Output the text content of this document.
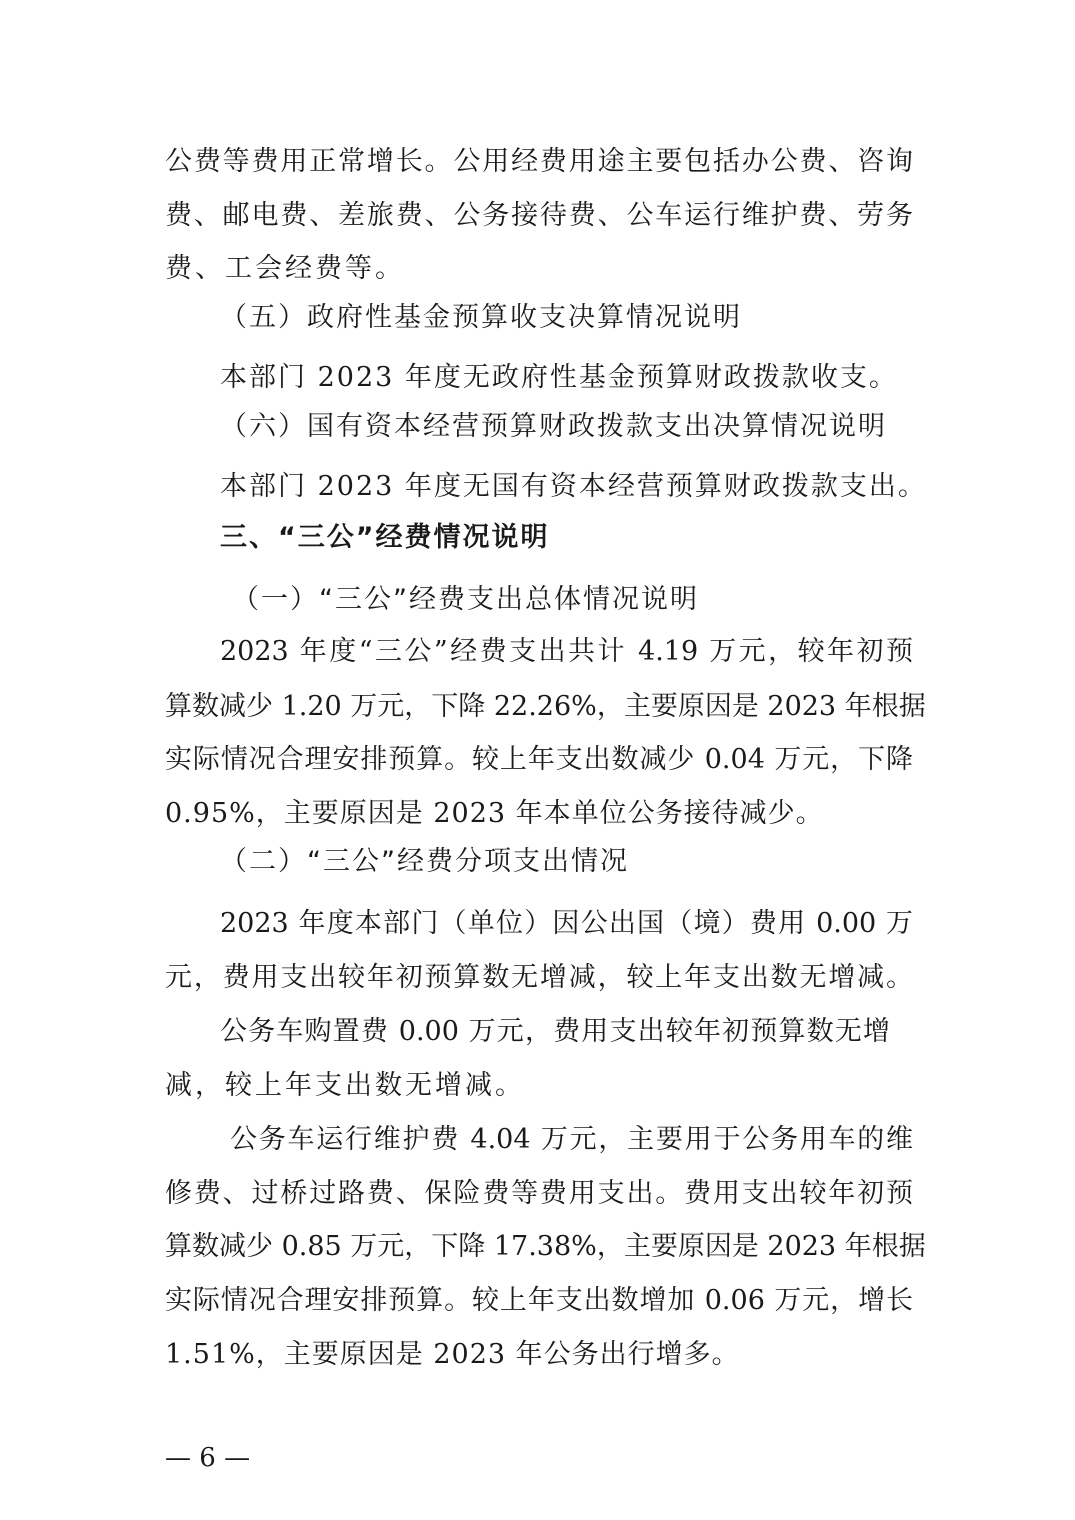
公费等费用正常增长。公用经费用途主要包括办公费、咨询
费、邮电费、差旅费、公务接待费、公车运行维护费、劳务
费、工会经费等。
（五）政府性基金预算收支决算情况说明
本部门 2023 年度无政府性基金预算财政拨款收支。
（六）国有资本经营预算财政拨款支出决算情况说明
本部门 2023 年度无国有资本经营预算财政拨款支出。
三、“三公”经费情况说明
（一）“三公”经费支出总体情况说明
2023 年度“三公”经费支出共计 4.19 万元，较年初预
算数减少 1.20 万元，下降 22.26%，主要原因是 2023 年根据
实际情况合理安排预算。较上年支出数减少 0.04 万元，下降
0.95%，主要原因是 2023 年本单位公务接待减少。
（二）“三公”经费分项支出情况
2023 年度本部门（单位）因公出国（境）费用 0.00 万
元，费用支出较年初预算数无增减，较上年支出数无增减。
公务车购置费 0.00 万元，费用支出较年初预算数无增
减，较上年支出数无增减。
公务车运行维护费 4.04 万元，主要用于公务用车的维
修费、过桥过路费、保险费等费用支出。费用支出较年初预
算数减少 0.85 万元，下降 17.38%，主要原因是 2023 年根据
实际情况合理安排预算。较上年支出数增加 0.06 万元，增长
1.51%，主要原因是 2023 年公务出行增多。
— 6 —
